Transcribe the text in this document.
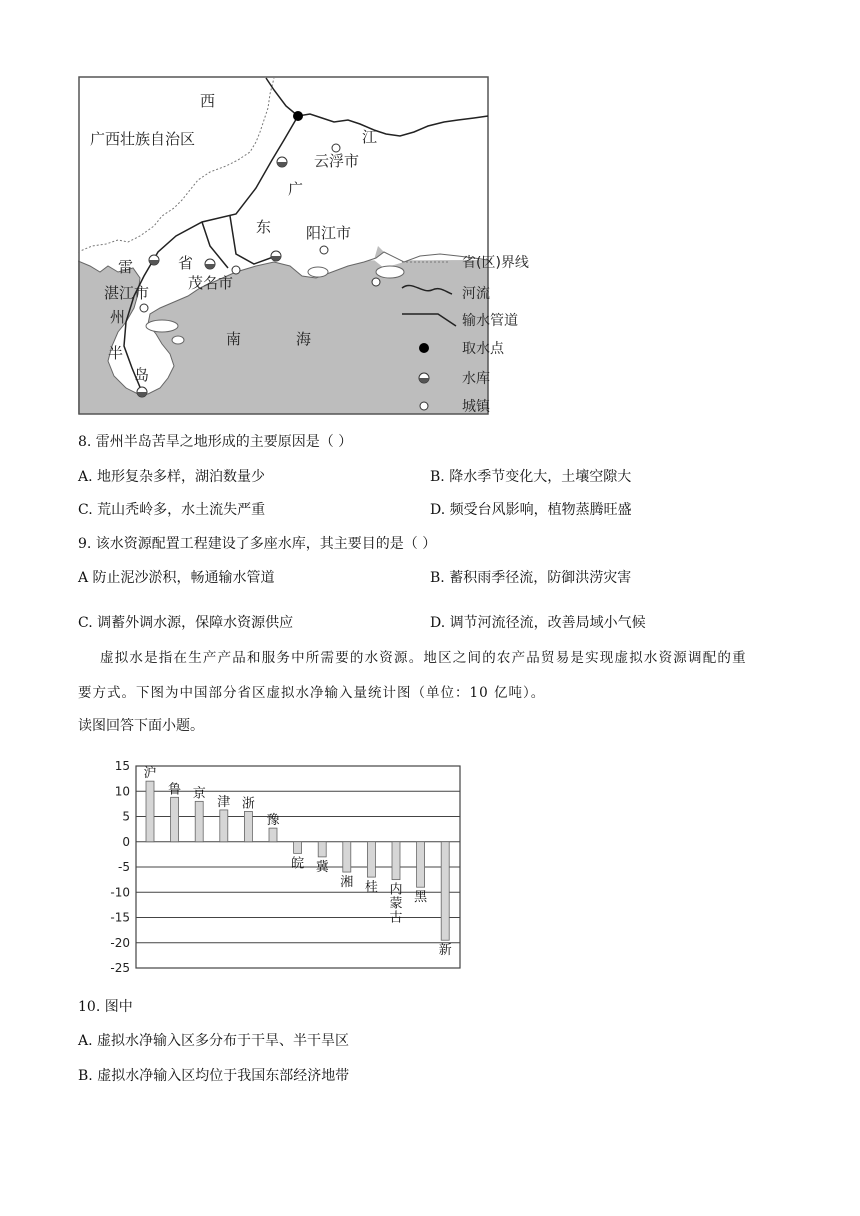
西
广西壮族自治区	江
云浮市
广
东 阳江市
雷	省
茂名市
湛江市
州
半
岛
南	海
省(区)界线
河流
输水管道
取水点
水库
城镇
8. 雷州半岛苦旱之地形成的主要原因是（ ）
A. 地形复杂多样，湖泊数量少	B. 降水季节变化大，土壤空隙大
C. 荒山秃岭多，水土流失严重	D. 频受台风影响，植物蒸腾旺盛
9. 该水资源配置工程建设了多座水库，其主要目的是（ ）
A 防止泥沙淤积，畅通输水管道	B. 蓄积雨季径流，防御洪涝灾害
C. 调蓄外调水源，保障水资源供应	D. 调节河流径流，改善局域小气候
虚拟水是指在生产产品和服务中所需要的水资源。地区之间的农产品贸易是实现虚拟水资源调配的重
要方式。下图为中国部分省区虚拟水净输入量统计图（单位：10 亿吨）。
读图回答下面小题。
15
10
5
0
-5
-10
-15
-20
-25
沪
鲁 京
津 浙
豫
皖 冀
湘 桂 内
蒙
古
黑
新
10. 图中
A. 虚拟水净输入区多分布于干旱、半干旱区
B. 虚拟水净输入区均位于我国东部经济地带
